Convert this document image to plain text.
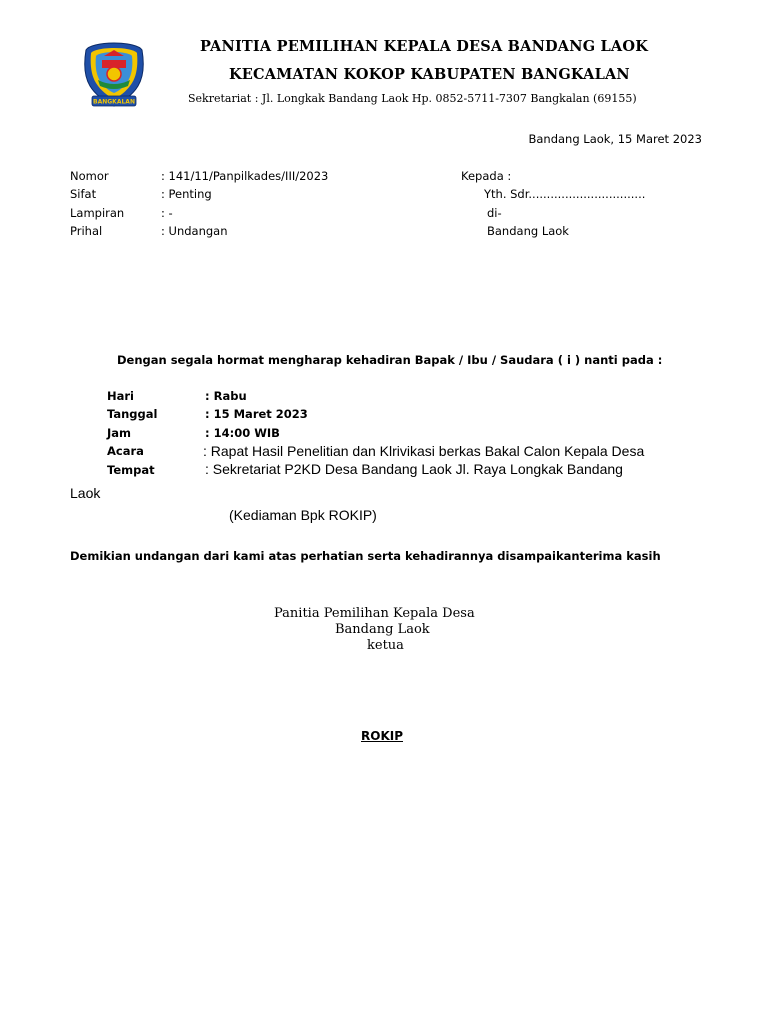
BANGKALAN
PANITIA PEMILIHAN KEPALA DESA BANDANG LAOK
KECAMATAN KOKOP KABUPATEN BANGKALAN
Sekretariat : Jl. Longkak Bandang Laok Hp. 0852-5711-7307 Bangkalan (69155)
Bandang Laok, 15 Maret 2023
Nomor	: 141/11/Panpilkades/III/2023
Sifat	: Penting
Lampiran	: -
Prihal	: Undangan
Kepada :
Yth. Sdr................................
di-
Bandang Laok
Dengan segala hormat mengharap kehadiran Bapak / Ibu / Saudara ( i ) nanti pada :
Hari	: Rabu
Tanggal	: 15 Maret 2023
Jam	: 14:00 WIB
Acara	: Rapat Hasil Penelitian dan Klrivikasi berkas Bakal Calon Kepala Desa
Tempat	: Sekretariat P2KD Desa Bandang Laok Jl. Raya Longkak Bandang
Laok
(Kediaman Bpk ROKIP)
Demikian undangan dari kami atas perhatian serta kehadirannya disampaikanterima kasih
Panitia Pemilihan Kepala Desa
Bandang Laok
ketua
ROKIP
